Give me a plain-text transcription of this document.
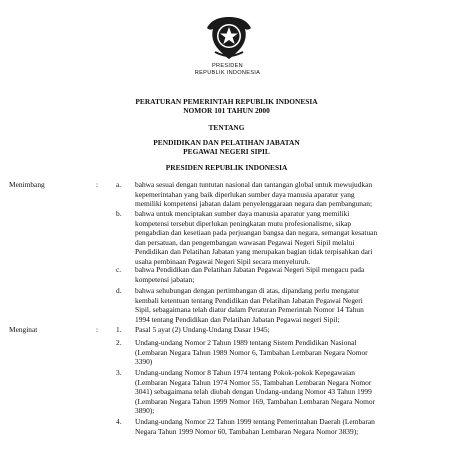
PRESIDEN
REPUBLIK INDONESIA
PERATURAN PEMERINTAH REPUBLIK INDONESIA
NOMOR 101 TAHUN 2000
TENTANG
PENDIDIKAN DAN PELATIHAN JABATAN
PEGAWAI NEGERI SIPIL
PRESIDEN REPUBLIK INDONESIA
Menimbang	: a. bahwa sesuai dengan tuntutan nasional dan tantangan global untuk mewujudkan
kepemerintahan yang baik diperlukan sumber daya manusia aparatur yang
memiliki kompetensi jabatan dalam penyelenggaraan negara dan pembangunan;
b. bahwa untuk menciptakan sumber daya manusia aparatur yang memiliki
kompetensi tersebut diperlukan peningkatan mutu profesionalisme, sikap
pengabdian dan kesetiaan pada perjuangan bangsa dan negara, semangat kesatuan
dan persatuan, dan pengembangan wawasan Pegawai Negeri Sipil melalui
Pendidikan dan Pelatihan Jabatan yang merupakan bagian tidak terpisahkan dari
usaha pembinaan Pegawai Negeri Sipil secara menyeluruh.
c. bahwa Pendidikan dan Pelatihan Jabatan Pegawai Negeri Sipil mengacu pada
kompetensi jabatan;
d. bahwa sehubungan dengan pertimbangan di atas, dipandang perlu mengatur
kembali ketentuan tentang Pendidikan dan Pelatihan Jabatan Pegawai Negeri
Sipil, sebagaimana telah diatur dalam Peraturan Pemerintah Nomor 14 Tahun
1994 tentang Pendidikan dan Pelatihan Jabatan Pegawai negeri Sipil;
Menginat	: 1. Pasal 5 ayat (2) Undang-Undang Dasar 1945;
2. Undang-undang Nomor 2 Tahun 1989 tentang Sistem Pendidikan Nasional
(Lembaran Negara Tahun 1989 Nomor 6, Tambahan Lembaran Negara Nomor
3390)
3. Undang-undang Nomor 8 Tahun 1974 tentang Pokok-pokok Kepegawaian
(Lembaran Negara Tahun 1974 Nomor 55, Tambahan Lembaran Negara Nomor
3041) sebagaimana telah diubah dengan Undang-undang Nomor 43 Tahun 1999
(Lembaran Negara Tahun 1999 Nomor 169, Tambahan Lembaran Negara Nomor
3890);
4. Undang-undang Nomor 22 Tahun 1999 tentang Pemerintahan Daerah (Lembaran
Negara Tahun 1999 Nomor 60, Tambahan Lembaran Negara Nomor 3839);
